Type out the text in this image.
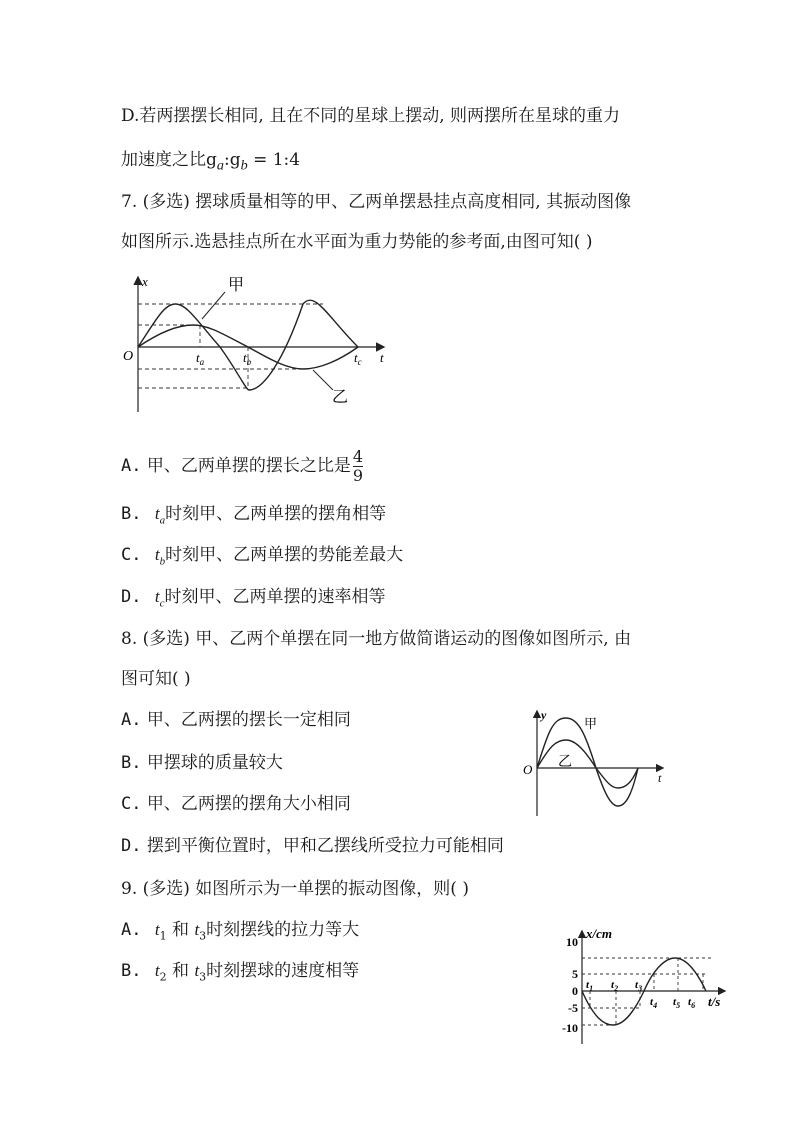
D.若两摆摆长相同, 且在不同的星球上摆动, 则两摆所在星球的重力
加速度之比$g_a:g_b$ = 1:4
7. (多选) 摆球质量相等的甲、乙两单摆悬挂点高度相同, 其振动图像
如图所示.选悬挂点所在水平面为重力势能的参考面,由图可知( )
x
t
O
甲
乙
$t_a$	$t_b$	$t_c$
A. 甲、乙两单摆的摆长之比是 $\frac{4}{9}$
B. $t_a$时刻甲、乙两单摆的摆角相等
C. $t_b$时刻甲、乙两单摆的势能差最大
D. $t_c$时刻甲、乙两单摆的速率相等
8. (多选) 甲、乙两个单摆在同一地方做简谐运动的图像如图所示, 由
图可知( )
A. 甲、乙两摆的摆长一定相同
B. 甲摆球的质量较大
C. 甲、乙两摆的摆角大小相同
D. 摆到平衡位置时，甲和乙摆线所受拉力可能相同
y
t
O
甲
乙
9. (多选) 如图所示为一单摆的振动图像，则( )
A. $t_1$ 和 $t_3$时刻摆线的拉力等大
B. $t_2$ 和 $t_3$时刻摆球的速度相等
x/cm
t/s
10
5
0
-5
-10
$t_1$ $t_2$ $t_3$
$t_4$ $t_5$ $t_6$
